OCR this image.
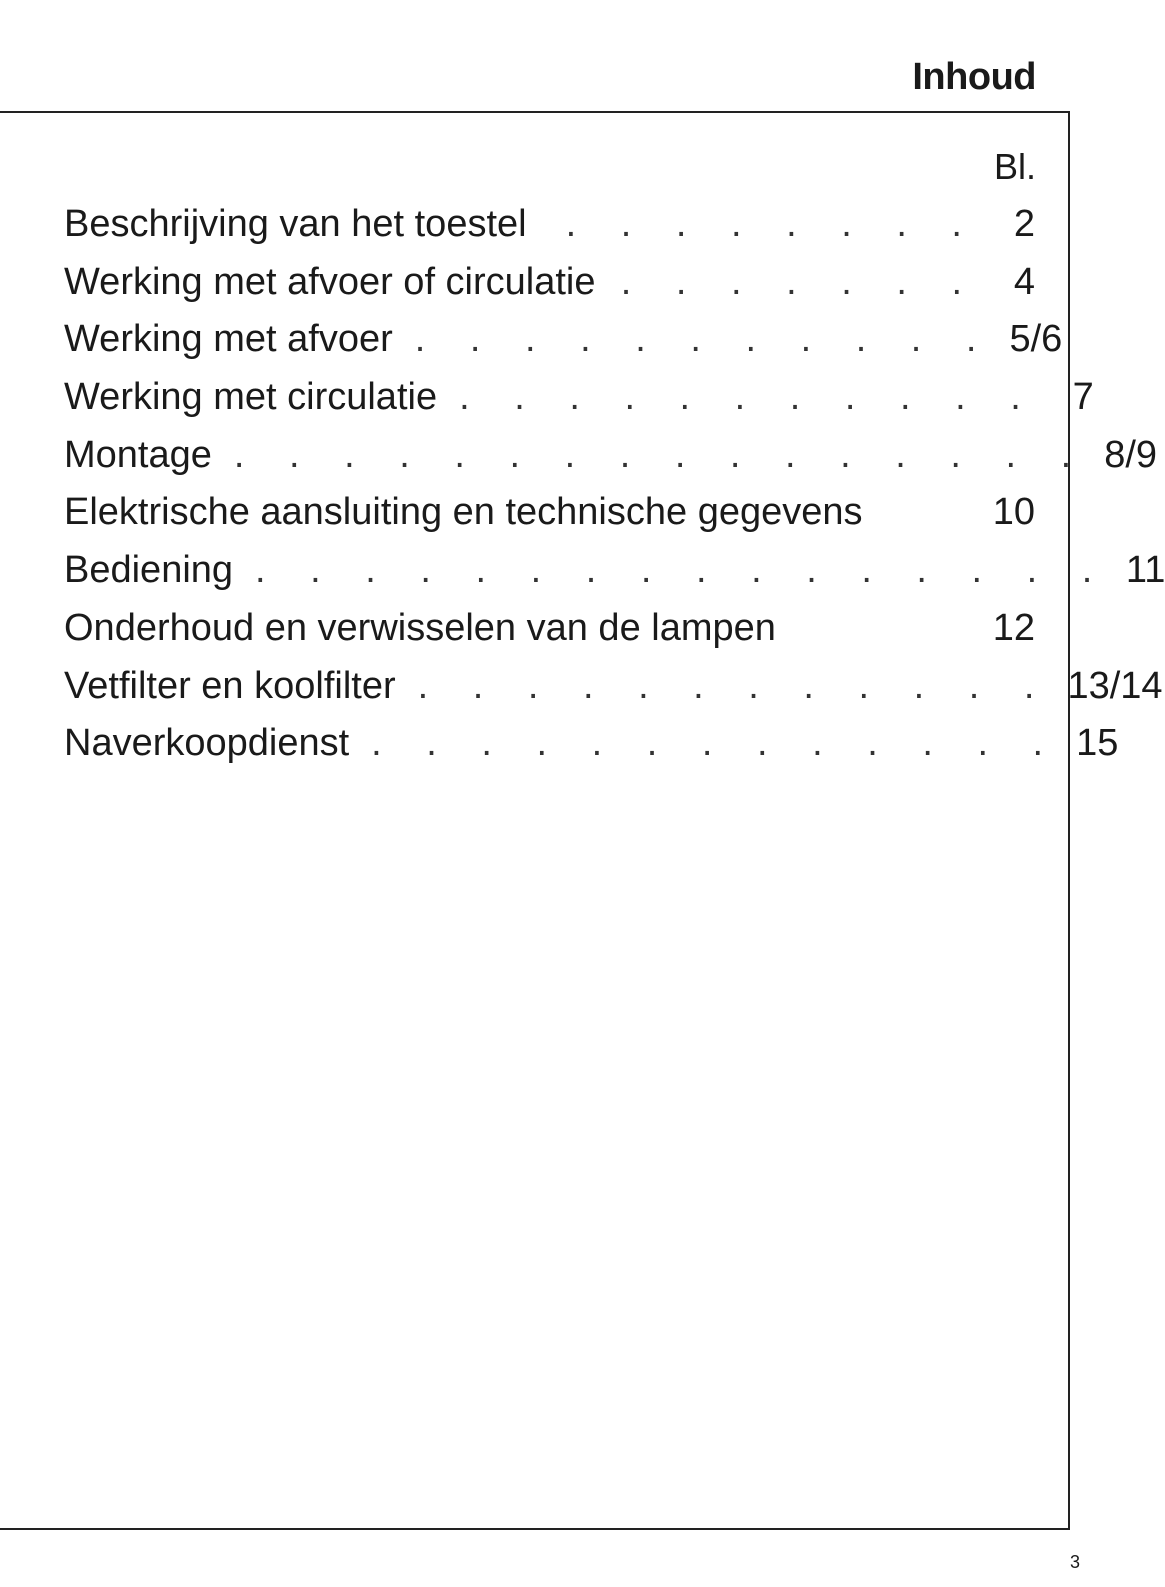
Inhoud
Bl.
Beschrijving van het toestel	. . . . . . . . 2
Werking met afvoer of circulatie . . . . . . . 4
Werking met afvoer . . . . . . . . . . . 5/6
Werking met circulatie . . . . . . . . . . . 7
Montage . . . . . . . . . . . . . . . . 8/9
Elektrische aansluiting en technische gegevens	10
Bediening . . . . . . . . . . . . . . . . 11
Onderhoud en verwisselen van de lampen	12
Vetfilter en koolfilter . . . . . . . . . . . . 13/14
Naverkoopdienst . . . . . . . . . . . . . 15
3
